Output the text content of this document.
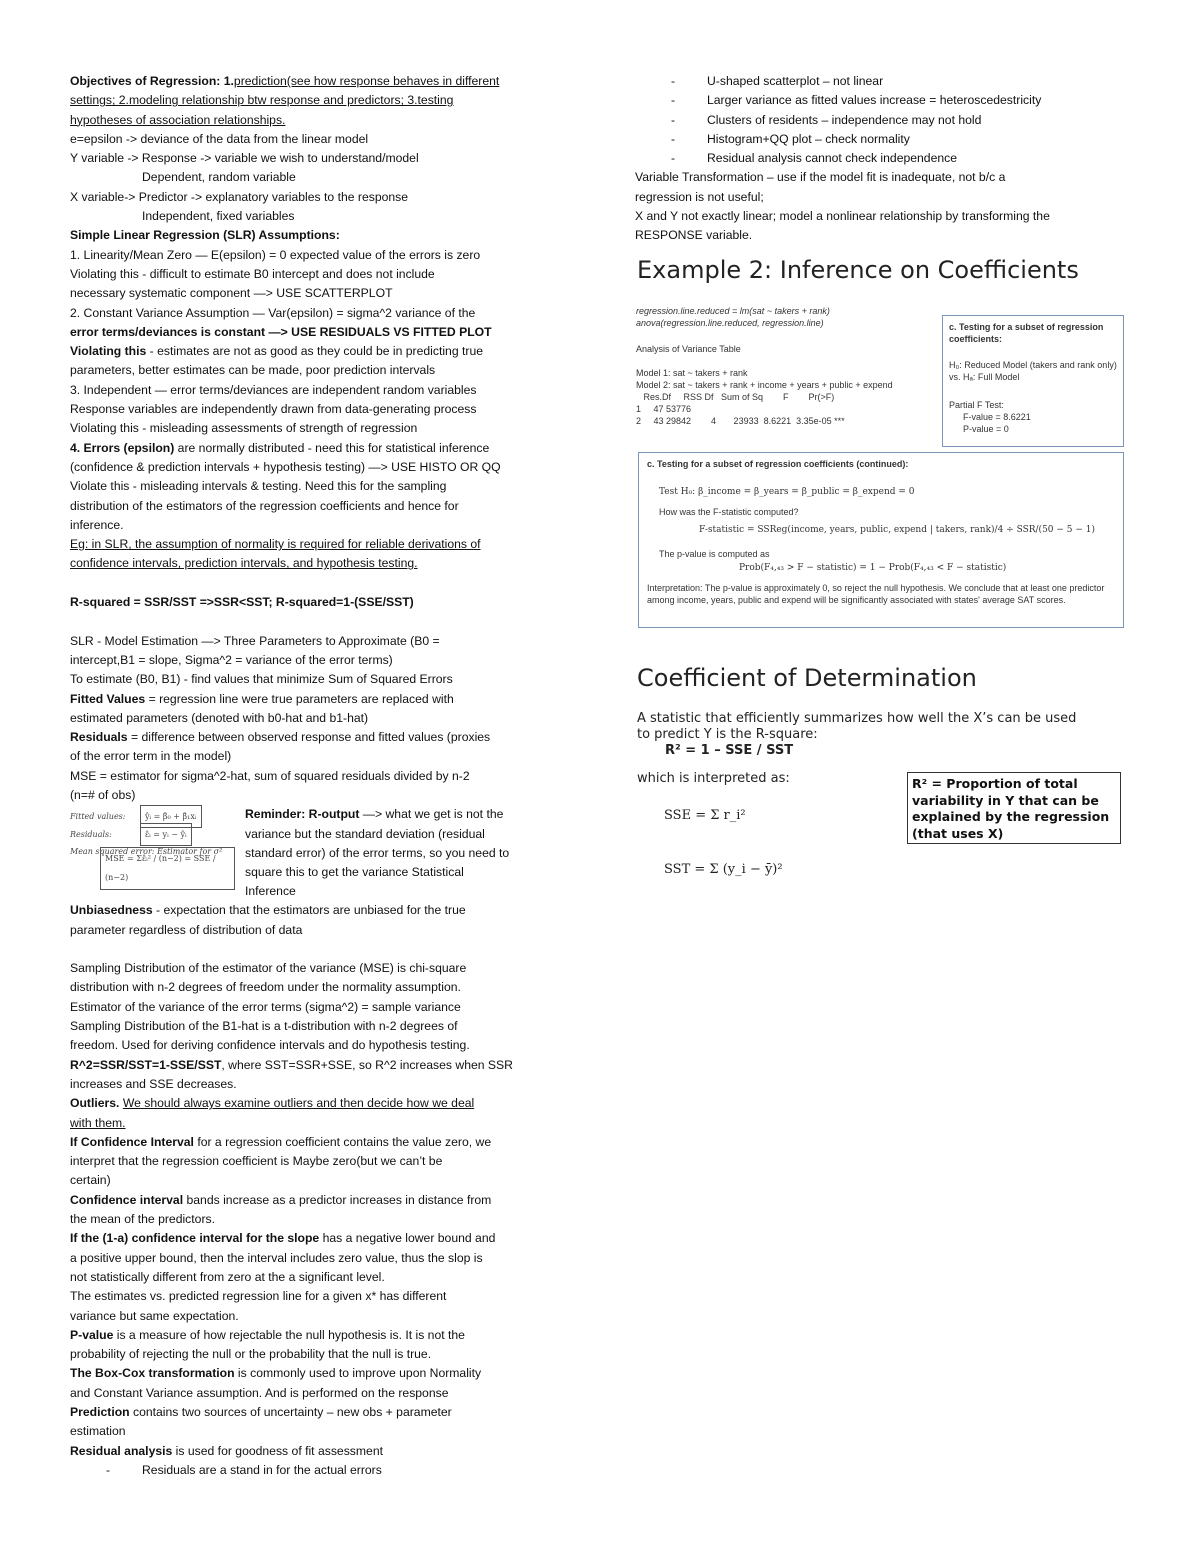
Objectives of Regression: 1.prediction(see how response behaves in different
settings; 2.modeling relationship btw response and predictors; 3.testing
hypotheses of association relationships.
e=epsilon -> deviance of the data from the linear model
Y variable -> Response -> variable we wish to understand/model
Dependent, random variable
X variable-> Predictor -> explanatory variables to the response
Independent, fixed variables
Simple Linear Regression (SLR) Assumptions:
1. Linearity/Mean Zero — E(epsilon) = 0 expected value of the errors is zero
Violating this - difficult to estimate B0 intercept and does not include
necessary systematic component —> USE SCATTERPLOT
2. Constant Variance Assumption — Var(epsilon) = sigma^2 variance of the
error terms/deviances is constant —> USE RESIDUALS VS FITTED PLOT
Violating this - estimates are not as good as they could be in predicting true
parameters, better estimates can be made, poor prediction intervals
3. Independent — error terms/deviances are independent random variables
Response variables are independently drawn from data-generating process
Violating this - misleading assessments of strength of regression
4. Errors (epsilon) are normally distributed - need this for statistical inference
(confidence & prediction intervals + hypothesis testing) —> USE HISTO OR QQ
Violate this - misleading intervals & testing. Need this for the sampling
distribution of the estimators of the regression coefficients and hence for
inference.
Eg: in SLR, the assumption of normality is required for reliable derivations of
confidence intervals, prediction intervals, and hypothesis testing.
R-squared = SSR/SST =>SSR<SST; R-squared=1-(SSE/SST)
SLR - Model Estimation —> Three Parameters to Approximate (B0 =
intercept,B1 = slope, Sigma^2 = variance of the error terms)
To estimate (B0, B1) - find values that minimize Sum of Squared Errors
Fitted Values = regression line were true parameters are replaced with
estimated parameters (denoted with b0-hat and b1-hat)
Residuals = difference between observed response and fitted values (proxies
of the error term in the model)
MSE = estimator for sigma^2-hat, sum of squared residuals divided by n-2
(n=# of obs)
Fitted values:	ŷᵢ = β̂₀ + β̂₁xᵢ
Residuals:	ε̂ᵢ = yᵢ − ŷᵢ
Mean squared error: Estimator for σ²
MSE = Σε̂ᵢ² / (n−2) = SSE / (n−2)
Reminder: R-output —> what we get is not the
variance but the standard deviation (residual
standard error) of the error terms, so you need to
square this to get the variance Statistical
Inference
Unbiasedness - expectation that the estimators are unbiased for the true
parameter regardless of distribution of data
Sampling Distribution of the estimator of the variance (MSE) is chi-square
distribution with n-2 degrees of freedom under the normality assumption.
Estimator of the variance of the error terms (sigma^2) = sample variance
Sampling Distribution of the B1-hat is a t-distribution with n-2 degrees of
freedom. Used for deriving confidence intervals and do hypothesis testing.
R^2=SSR/SST=1-SSE/SST, where SST=SSR+SSE, so R^2 increases when SSR
increases and SSE decreases.
Outliers. We should always examine outliers and then decide how we deal
with them.
If Confidence Interval for a regression coefficient contains the value zero, we
interpret that the regression coefficient is Maybe zero(but we can’t be
certain)
Confidence interval bands increase as a predictor increases in distance from
the mean of the predictors.
If the (1-a) confidence interval for the slope has a negative lower bound and
a positive upper bound, then the interval includes zero value, thus the slop is
not statistically different from zero at the a significant level.
The estimates vs. predicted regression line for a given x* has different
variance but same expectation.
P-value is a measure of how rejectable the null hypothesis is. It is not the
probability of rejecting the null or the probability that the null is true.
The Box-Cox transformation is commonly used to improve upon Normality
and Constant Variance assumption. And is performed on the response
Prediction contains two sources of uncertainty – new obs + parameter
estimation
Residual analysis is used for goodness of fit assessment
-	Residuals are a stand in for the actual errors
-	U-shaped scatterplot – not linear
-	Larger variance as fitted values increase = heteroscedestricity
-	Clusters of residents – independence may not hold
-	Histogram+QQ plot – check normality
-	Residual analysis cannot check independence
Variable Transformation – use if the model fit is inadequate, not b/c a
regression is not useful;
X and Y not exactly linear; model a nonlinear relationship by transforming the
RESPONSE variable.
Example 2: Inference on Coefficients
regression.line.reduced = lm(sat ~ takers + rank)
anova(regression.line.reduced, regression.line)
Analysis of Variance Table
Model 1: sat ~ takers + rank
Model 2: sat ~ takers + rank + income + years + public + expend
Res.Df     RSS Df   Sum of Sq        F        Pr(>F)
1     47 53776
2     43 29842        4       23933  8.6221  3.35e-05 ***
c. Testing for a subset of regression coefficients:
H₀: Reduced Model (takers and rank only) vs. Hₐ: Full Model
Partial F Test:
F-value = 8.6221
P-value = 0
c. Testing for a subset of regression coefficients (continued):
Test H₀: β_income = β_years = β_public = β_expend = 0
How was the F-statistic computed?
F-statistic = SSReg(income, years, public, expend | takers, rank)/4 ÷ SSR/(50 − 5 − 1)
The p-value is computed as
Prob(F₄,₄₃ > F − statistic) = 1 − Prob(F₄,₄₃ < F − statistic)
Interpretation: The p-value is approximately 0, so reject the null hypothesis. We conclude that at least one predictor among income, years, public and expend will be significantly associated with states' average SAT scores.
Coefficient of Determination
A statistic that efficiently summarizes how well the X’s can be used
to predict Y is the R-square:
R² = 1 – SSE / SST
which is interpreted as:
SSE = Σ r_i²
SST = Σ (y_i − ȳ)²
R² = Proportion of total variability in Y that can be explained by the regression (that uses X)
